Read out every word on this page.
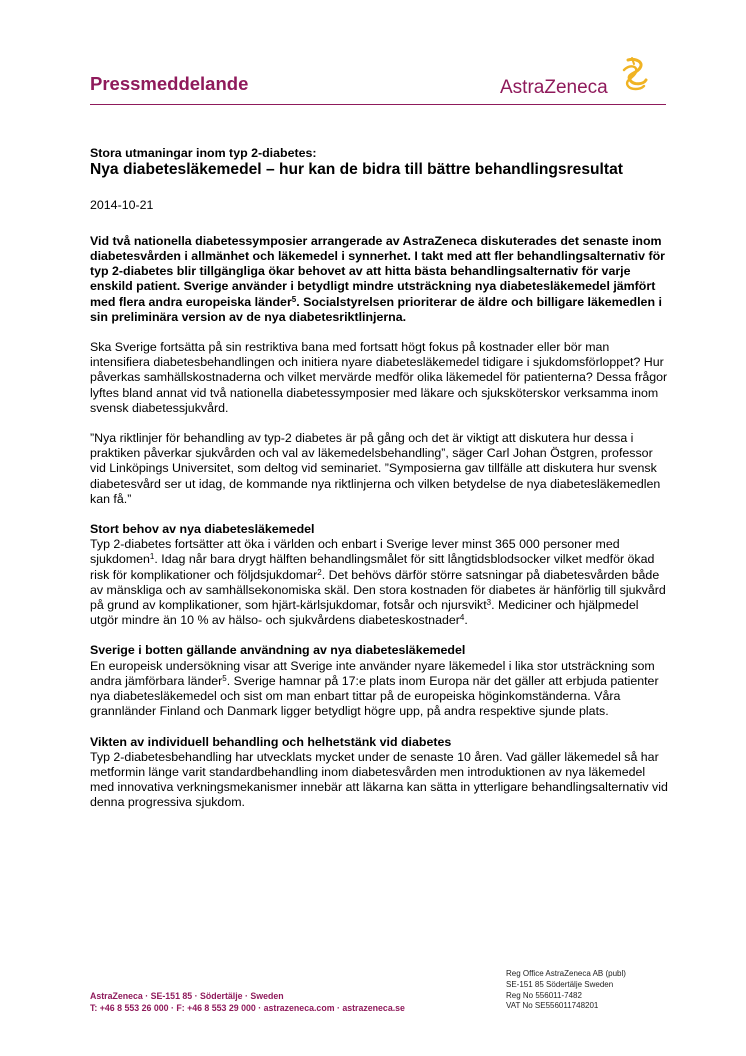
Pressmeddelande	AstraZeneca

Stora utmaningar inom typ 2-diabetes:

Nya diabetesläkemedel – hur kan de bidra till bättre behandlingsresultat

2014-10-21

Vid två nationella diabetessymposier arrangerade av AstraZeneca diskuterades det senaste inom diabetesvården i allmänhet och läkemedel i synnerhet. I takt med att fler behandlingsalternativ för typ 2-diabetes blir tillgängliga ökar behovet av att hitta bästa behandlingsalternativ för varje enskild patient. Sverige använder i betydligt mindre utsträckning nya diabetesläkemedel jämfört med flera andra europeiska länder$^5$. Socialstyrelsen prioriterar de äldre och billigare läkemedlen i sin preliminära version av de nya diabetesriktlinjerna.

Ska Sverige fortsätta på sin restriktiva bana med fortsatt högt fokus på kostnader eller bör man intensifiera diabetesbehandlingen och initiera nyare diabetesläkemedel tidigare i sjukdomsförloppet? Hur påverkas samhällskostnaderna och vilket mervärde medför olika läkemedel för patienterna? Dessa frågor lyftes bland annat vid två nationella diabetessymposier med läkare och sjuksköterskor verksamma inom svensk diabetessjukvård.

”Nya riktlinjer för behandling av typ-2 diabetes är på gång och det är viktigt att diskutera hur dessa i praktiken påverkar sjukvården och val av läkemedelsbehandling”, säger Carl Johan Östgren, professor vid Linköpings Universitet, som deltog vid seminariet. ”Symposierna gav tillfälle att diskutera hur svensk diabetesvård ser ut idag, de kommande nya riktlinjerna och vilken betydelse de nya diabetesläkemedlen kan få.”

Stort behov av nya diabetesläkemedel

Typ 2-diabetes fortsätter att öka i världen och enbart i Sverige lever minst 365 000 personer med sjukdomen$^1$. Idag når bara drygt hälften behandlingsmålet för sitt långtidsblodsocker vilket medför ökad risk för komplikationer och följdsjukdomar$^2$. Det behövs därför större satsningar på diabetesvården både av mänskliga och av samhällsekonomiska skäl. Den stora kostnaden för diabetes är hänförlig till sjukvård på grund av komplikationer, som hjärt-kärlsjukdomar, fotsår och njursvikt$^3$. Mediciner och hjälpmedel utgör mindre än 10 % av hälso- och sjukvårdens diabeteskostnader$^4$.

Sverige i botten gällande användning av nya diabetesläkemedel

En europeisk undersökning visar att Sverige inte använder nyare läkemedel i lika stor utsträckning som andra jämförbara länder$^5$. Sverige hamnar på 17:e plats inom Europa när det gäller att erbjuda patienter nya diabetesläkemedel och sist om man enbart tittar på de europeiska höginkomständerna. Våra grannländer Finland och Danmark ligger betydligt högre upp, på andra respektive sjunde plats.

Vikten av individuell behandling och helhetstänk vid diabetes

Typ 2-diabetesbehandling har utvecklats mycket under de senaste 10 åren. Vad gäller läkemedel så har metformin länge varit standardbehandling inom diabetesvården men introduktionen av nya läkemedel med innovativa verkningsmekanismer innebär att läkarna kan sätta in ytterligare behandlingsalternativ vid denna progressiva sjukdom.

Reg Office AstraZeneca AB (publ)
SE-151 85 Södertälje Sweden
Reg No 556011-7482
VAT No SE556011748201
AstraZeneca · SE-151 85 · Södertälje · Sweden
T: +46 8 553 26 000 · F: +46 8 553 29 000 · astrazeneca.com · astrazeneca.se
